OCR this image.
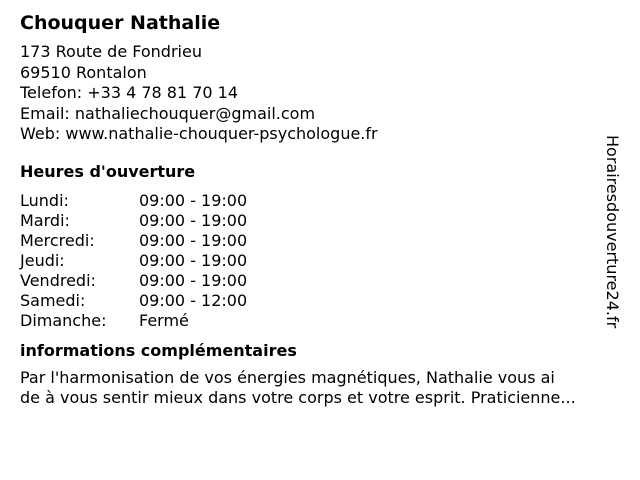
Chouquer Nathalie
173 Route de Fondrieu
69510 Rontalon
Telefon: +33 4 78 81 70 14
Email: nathaliechouquer@gmail.com
Web: www.nathalie-chouquer-psychologue.fr
Heures d'ouverture
Lundi:	09:00 - 19:00
Mardi:	09:00 - 19:00
Mercredi:	09:00 - 19:00
Jeudi:	09:00 - 19:00
Vendredi:	09:00 - 19:00
Samedi:	09:00 - 12:00
Dimanche: Fermé
informations complémentaires
Par l'harmonisation de vos énergies magnétiques, Nathalie vous ai
de à vous sentir mieux dans votre corps et votre esprit. Praticienne...
Horairesdouverture24.fr
